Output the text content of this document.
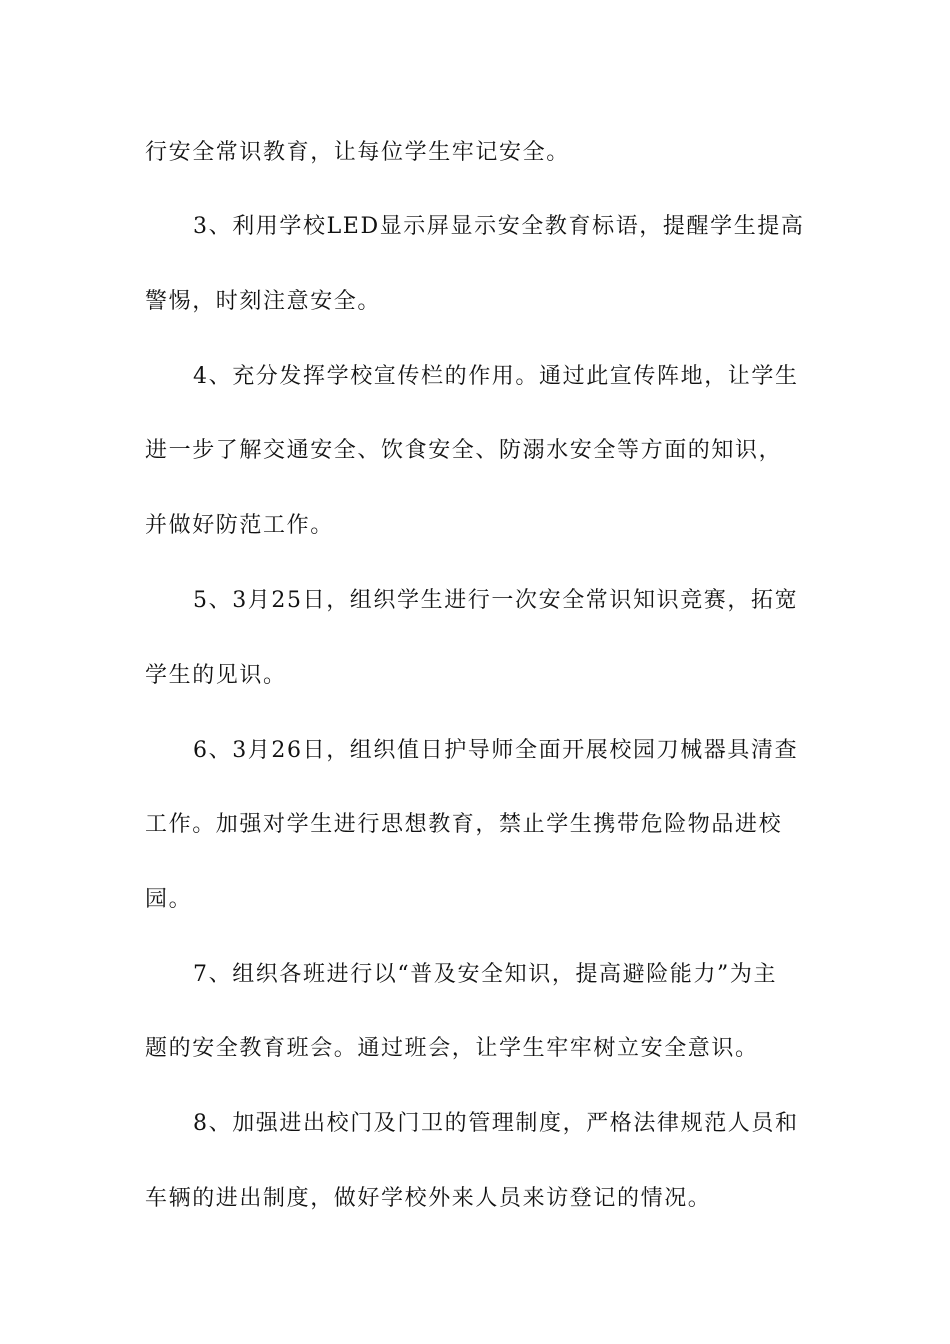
行安全常识教育，让每位学生牢记安全。
3、利用学校LED显示屏显示安全教育标语，提醒学生提高
警惕，时刻注意安全。
4、充分发挥学校宣传栏的作用。通过此宣传阵地，让学生
进一步了解交通安全、饮食安全、防溺水安全等方面的知识，
并做好防范工作。
5、3月25日，组织学生进行一次安全常识知识竞赛，拓宽
学生的见识。
6、3月26日，组织值日护导师全面开展校园刀械器具清查
工作。加强对学生进行思想教育，禁止学生携带危险物品进校
园。
7、组织各班进行以“普及安全知识，提高避险能力”为主
题的安全教育班会。通过班会，让学生牢牢树立安全意识。
8、加强进出校门及门卫的管理制度，严格法律规范人员和
车辆的进出制度，做好学校外来人员来访登记的情况。
